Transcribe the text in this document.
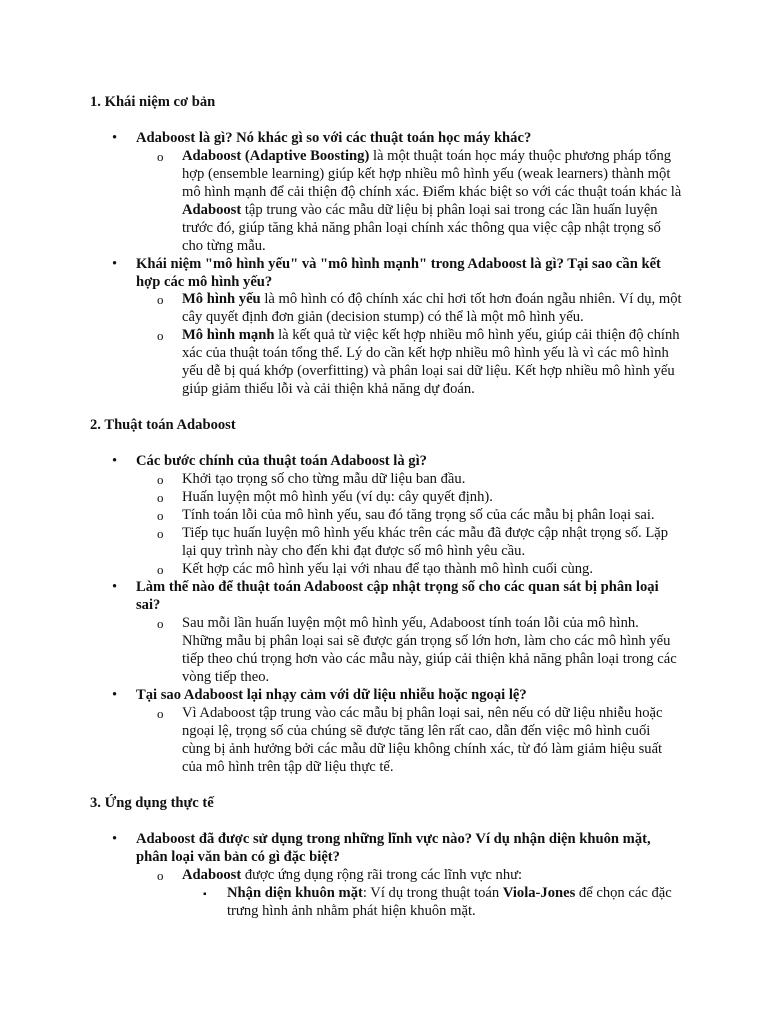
1. Khái niệm cơ bản
• Adaboost là gì? Nó khác gì so với các thuật toán học máy khác?
o Adaboost (Adaptive Boosting) là một thuật toán học máy thuộc phương pháp tổng hợp (ensemble learning) giúp kết hợp nhiều mô hình yếu (weak learners) thành một mô hình mạnh để cải thiện độ chính xác. Điểm khác biệt so với các thuật toán khác là Adaboost tập trung vào các mẫu dữ liệu bị phân loại sai trong các lần huấn luyện trước đó, giúp tăng khả năng phân loại chính xác thông qua việc cập nhật trọng số cho từng mẫu.
• Khái niệm "mô hình yếu" và "mô hình mạnh" trong Adaboost là gì? Tại sao cần kết hợp các mô hình yếu?
o Mô hình yếu là mô hình có độ chính xác chỉ hơi tốt hơn đoán ngẫu nhiên. Ví dụ, một cây quyết định đơn giản (decision stump) có thể là một mô hình yếu.
o Mô hình mạnh là kết quả từ việc kết hợp nhiều mô hình yếu, giúp cải thiện độ chính xác của thuật toán tổng thể. Lý do cần kết hợp nhiều mô hình yếu là vì các mô hình yếu dễ bị quá khớp (overfitting) và phân loại sai dữ liệu. Kết hợp nhiều mô hình yếu giúp giảm thiểu lỗi và cải thiện khả năng dự đoán.
2. Thuật toán Adaboost
• Các bước chính của thuật toán Adaboost là gì?
o Khởi tạo trọng số cho từng mẫu dữ liệu ban đầu.
o Huấn luyện một mô hình yếu (ví dụ: cây quyết định).
o Tính toán lỗi của mô hình yếu, sau đó tăng trọng số của các mẫu bị phân loại sai.
o Tiếp tục huấn luyện mô hình yếu khác trên các mẫu đã được cập nhật trọng số. Lặp lại quy trình này cho đến khi đạt được số mô hình yêu cầu.
o Kết hợp các mô hình yếu lại với nhau để tạo thành mô hình cuối cùng.
• Làm thế nào để thuật toán Adaboost cập nhật trọng số cho các quan sát bị phân loại sai?
o Sau mỗi lần huấn luyện một mô hình yếu, Adaboost tính toán lỗi của mô hình. Những mẫu bị phân loại sai sẽ được gán trọng số lớn hơn, làm cho các mô hình yếu tiếp theo chú trọng hơn vào các mẫu này, giúp cải thiện khả năng phân loại trong các vòng tiếp theo.
• Tại sao Adaboost lại nhạy cảm với dữ liệu nhiễu hoặc ngoại lệ?
o Vì Adaboost tập trung vào các mẫu bị phân loại sai, nên nếu có dữ liệu nhiễu hoặc ngoại lệ, trọng số của chúng sẽ được tăng lên rất cao, dẫn đến việc mô hình cuối cùng bị ảnh hưởng bởi các mẫu dữ liệu không chính xác, từ đó làm giảm hiệu suất của mô hình trên tập dữ liệu thực tế.
3. Ứng dụng thực tế
• Adaboost đã được sử dụng trong những lĩnh vực nào? Ví dụ nhận diện khuôn mặt, phân loại văn bản có gì đặc biệt?
o Adaboost được ứng dụng rộng rãi trong các lĩnh vực như:
▪ Nhận diện khuôn mặt: Ví dụ trong thuật toán Viola-Jones để chọn các đặc trưng hình ảnh nhằm phát hiện khuôn mặt.
